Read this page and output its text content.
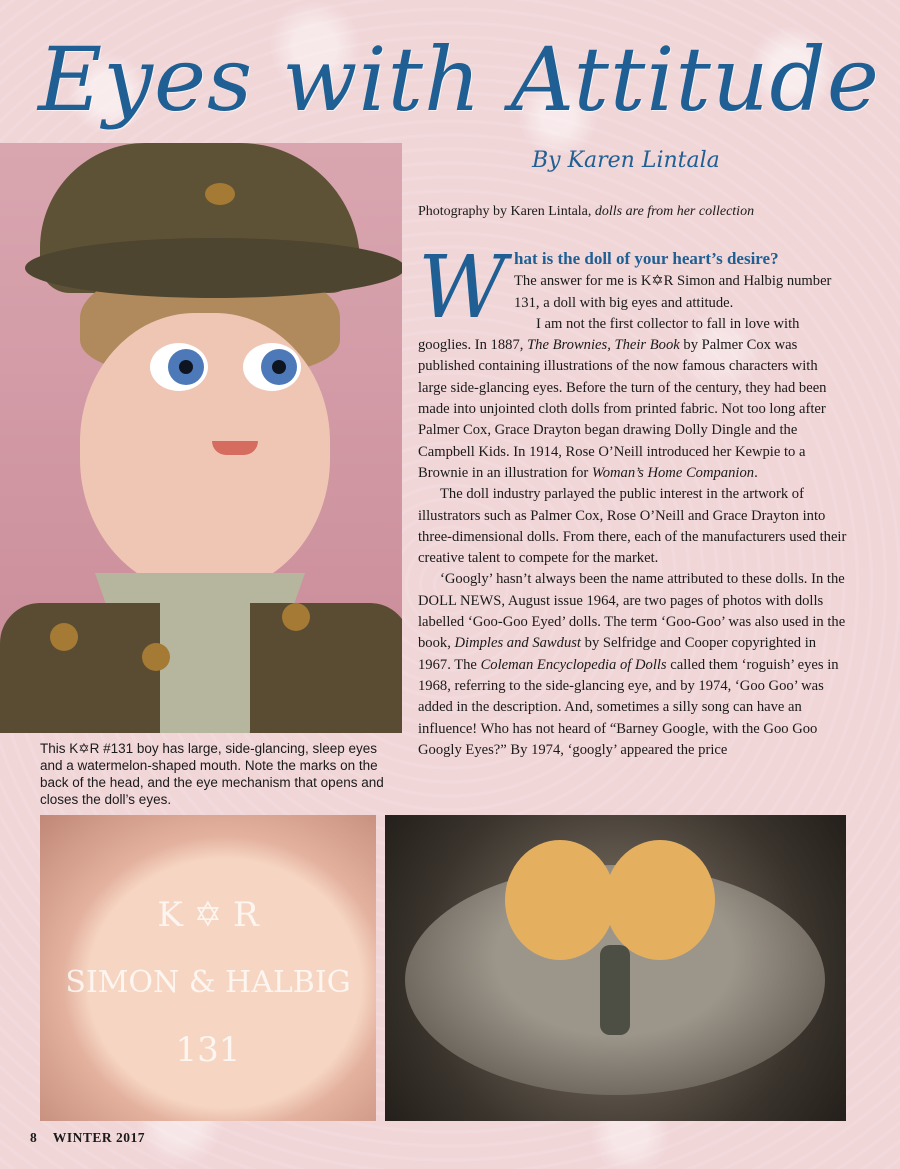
Eyes with Attitude
By Karen Lintala
Photography by Karen Lintala, dolls are from her collection
This K✡R #131 boy has large, side-glancing, sleep eyes and a watermelon-shaped mouth. Note the marks on the back of the head, and the eye mechanism that opens and closes the doll’s eyes.
W hat is the doll of your heart’s desire?
The answer for me is K✡R Simon and Halbig number 131, a doll with big eyes and attitude.

I am not the first collector to fall in love with googlies. In 1887, The Brownies, Their Book by Palmer Cox was published containing illustrations of the now famous characters with large side-glancing eyes. Before the turn of the century, they had been made into unjointed cloth dolls from printed fabric. Not too long after Palmer Cox, Grace Drayton began drawing Dolly Dingle and the Campbell Kids. In 1914, Rose O’Neill introduced her Kewpie to a Brownie in an illustration for Woman’s Home Companion.

The doll industry parlayed the public interest in the artwork of illustrators such as Palmer Cox, Rose O’Neill and Grace Drayton into three-dimensional dolls. From there, each of the manufacturers used their creative talent to compete for the market.

‘Googly’ hasn’t always been the name attributed to these dolls. In the DOLL NEWS, August issue 1964, are two pages of photos with dolls labelled ‘Goo-Goo Eyed’ dolls. The term ‘Goo-Goo’ was also used in the book, Dimples and Sawdust by Selfridge and Cooper copyrighted in 1967. The Coleman Encyclopedia of Dolls called them ‘roguish’ eyes in 1968, referring to the side-glancing eye, and by 1974, ‘Goo Goo’ was added in the description. And, sometimes a silly song can have an influence! Who has not heard of “Barney Google, with the Goo Goo Googly Eyes?” By 1974, ‘googly’ appeared the price

K ✡ R
SIMON & HALBIG
131
8 WINTER 2017
